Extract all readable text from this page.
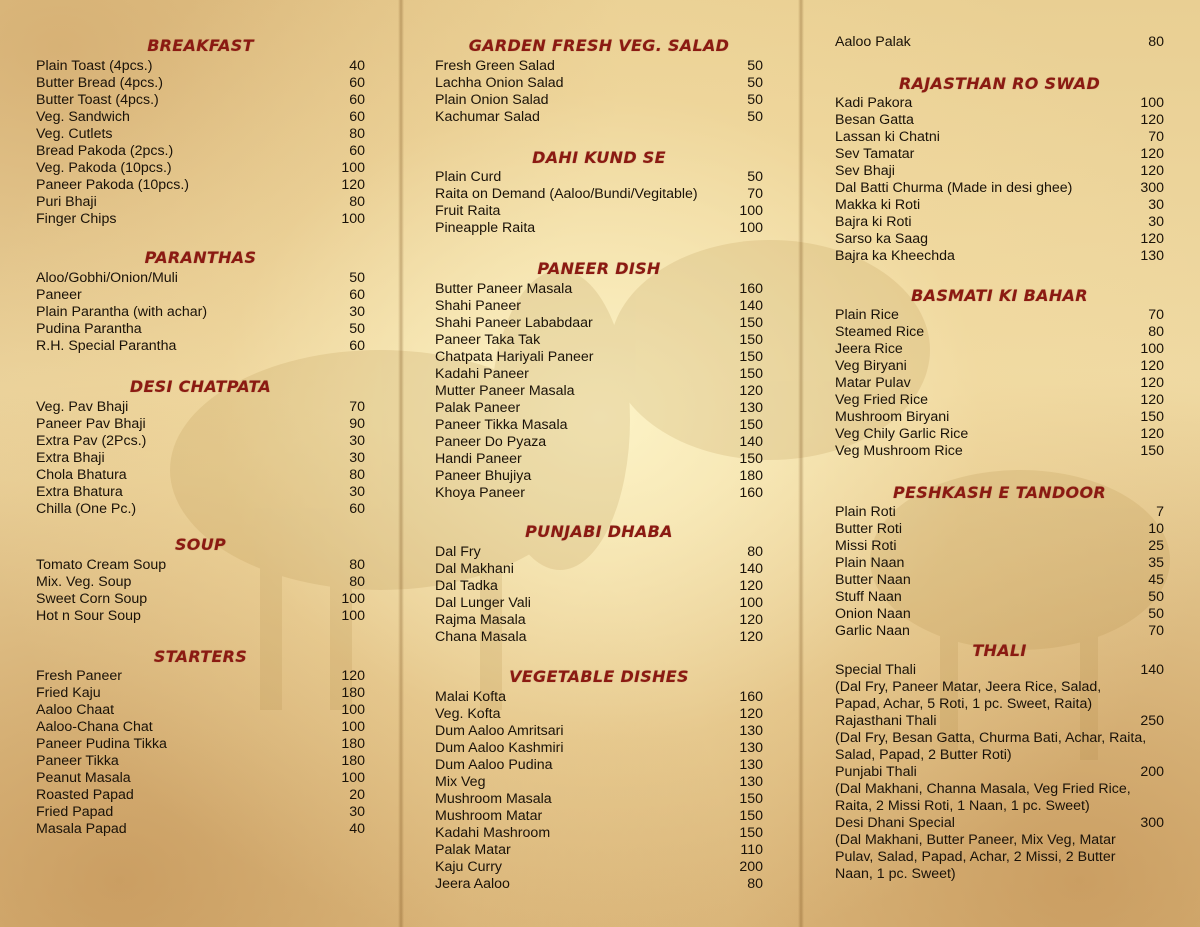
BREAKFAST
Plain Toast (4pcs.)	40
Butter Bread (4pcs.)	60
Butter Toast (4pcs.)	60
Veg. Sandwich	60
Veg. Cutlets	80
Bread Pakoda (2pcs.)	60
Veg. Pakoda (10pcs.)	100
Paneer Pakoda (10pcs.)	120
Puri Bhaji	80
Finger Chips	100
PARANTHAS
Aloo/Gobhi/Onion/Muli	50
Paneer	60
Plain Parantha (with achar)	30
Pudina Parantha	50
R.H. Special Parantha	60
DESI CHATPATA
Veg. Pav Bhaji	70
Paneer Pav Bhaji	90
Extra Pav (2Pcs.)	30
Extra Bhaji	30
Chola Bhatura	80
Extra Bhatura	30
Chilla (One Pc.)	60
SOUP
Tomato Cream Soup	80
Mix. Veg. Soup	80
Sweet Corn Soup	100
Hot n Sour Soup	100
STARTERS
Fresh Paneer	120
Fried Kaju	180
Aaloo Chaat	100
Aaloo-Chana Chat	100
Paneer Pudina Tikka	180
Paneer Tikka	180
Peanut Masala	100
Roasted Papad	20
Fried Papad	30
Masala Papad	40
GARDEN FRESH VEG. SALAD
Fresh Green Salad	50
Lachha Onion Salad	50
Plain Onion Salad	50
Kachumar Salad	50
DAHI KUND SE
Plain Curd	50
Raita on Demand (Aaloo/Bundi/Vegitable)	70
Fruit Raita	100
Pineapple Raita	100
PANEER DISH
Butter Paneer Masala	160
Shahi Paneer	140
Shahi Paneer Lababdaar	150
Paneer Taka Tak	150
Chatpata Hariyali Paneer	150
Kadahi Paneer	150
Mutter Paneer Masala	120
Palak Paneer	130
Paneer Tikka Masala	150
Paneer Do Pyaza	140
Handi Paneer	150
Paneer Bhujiya	180
Khoya Paneer	160
PUNJABI DHABA
Dal Fry	80
Dal Makhani	140
Dal Tadka	120
Dal Lunger Vali	100
Rajma Masala	120
Chana Masala	120
VEGETABLE DISHES
Malai Kofta	160
Veg. Kofta	120
Dum Aaloo Amritsari	130
Dum Aaloo Kashmiri	130
Dum Aaloo Pudina	130
Mix Veg	130
Mushroom Masala	150
Mushroom Matar	150
Kadahi Mashroom	150
Palak Matar	110
Kaju Curry	200
Jeera Aaloo	80
Aaloo Palak	80
RAJASTHAN RO SWAD
Kadi Pakora	100
Besan Gatta	120
Lassan ki Chatni	70
Sev Tamatar	120
Sev Bhaji	120
Dal Batti Churma (Made in desi ghee)	300
Makka ki Roti	30
Bajra ki Roti	30
Sarso ka Saag	120
Bajra ka Kheechda	130
BASMATI KI BAHAR
Plain Rice	70
Steamed Rice	80
Jeera Rice	100
Veg Biryani	120
Matar Pulav	120
Veg Fried Rice	120
Mushroom Biryani	150
Veg Chily Garlic Rice	120
Veg Mushroom Rice	150
PESHKASH E TANDOOR
Plain Roti	7
Butter Roti	10
Missi Roti	25
Plain Naan	35
Butter Naan	45
Stuff Naan	50
Onion Naan	50
Garlic Naan	70
THALI
Special Thali	140
(Dal Fry, Paneer Matar, Jeera Rice, Salad,
Papad, Achar, 5 Roti, 1 pc. Sweet, Raita)
Rajasthani Thali	250
(Dal Fry, Besan Gatta, Churma Bati, Achar, Raita,
Salad, Papad, 2 Butter Roti)
Punjabi Thali	200
(Dal Makhani, Channa Masala, Veg Fried Rice,
Raita, 2 Missi Roti, 1 Naan, 1 pc. Sweet)
Desi Dhani Special	300
(Dal Makhani, Butter Paneer, Mix Veg, Matar
Pulav, Salad, Papad, Achar, 2 Missi, 2 Butter
Naan, 1 pc. Sweet)
